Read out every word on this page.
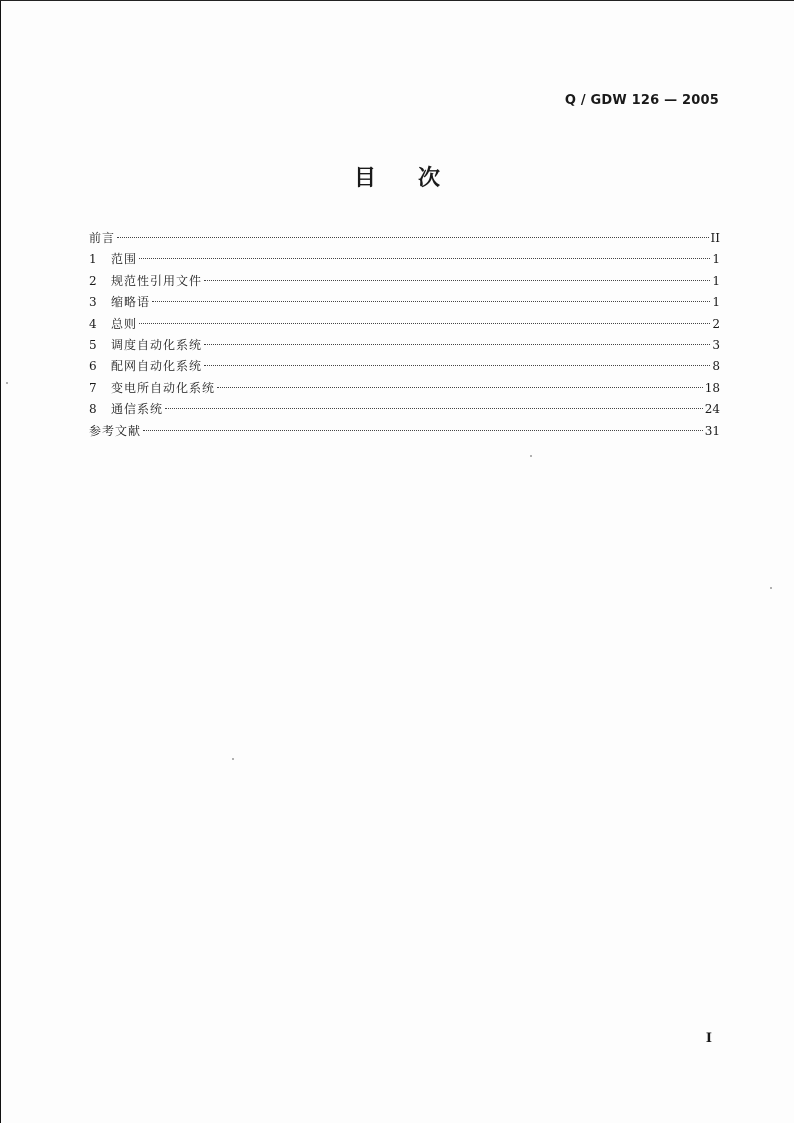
Q / GDW 126 — 2005
目 次
前言	II
1	范围	1
2	规范性引用文件	1
3	缩略语	1
4	总则	2
5	调度自动化系统	3
6	配网自动化系统	8
7	变电所自动化系统	18
8	通信系统	24
参考文献	31
I
